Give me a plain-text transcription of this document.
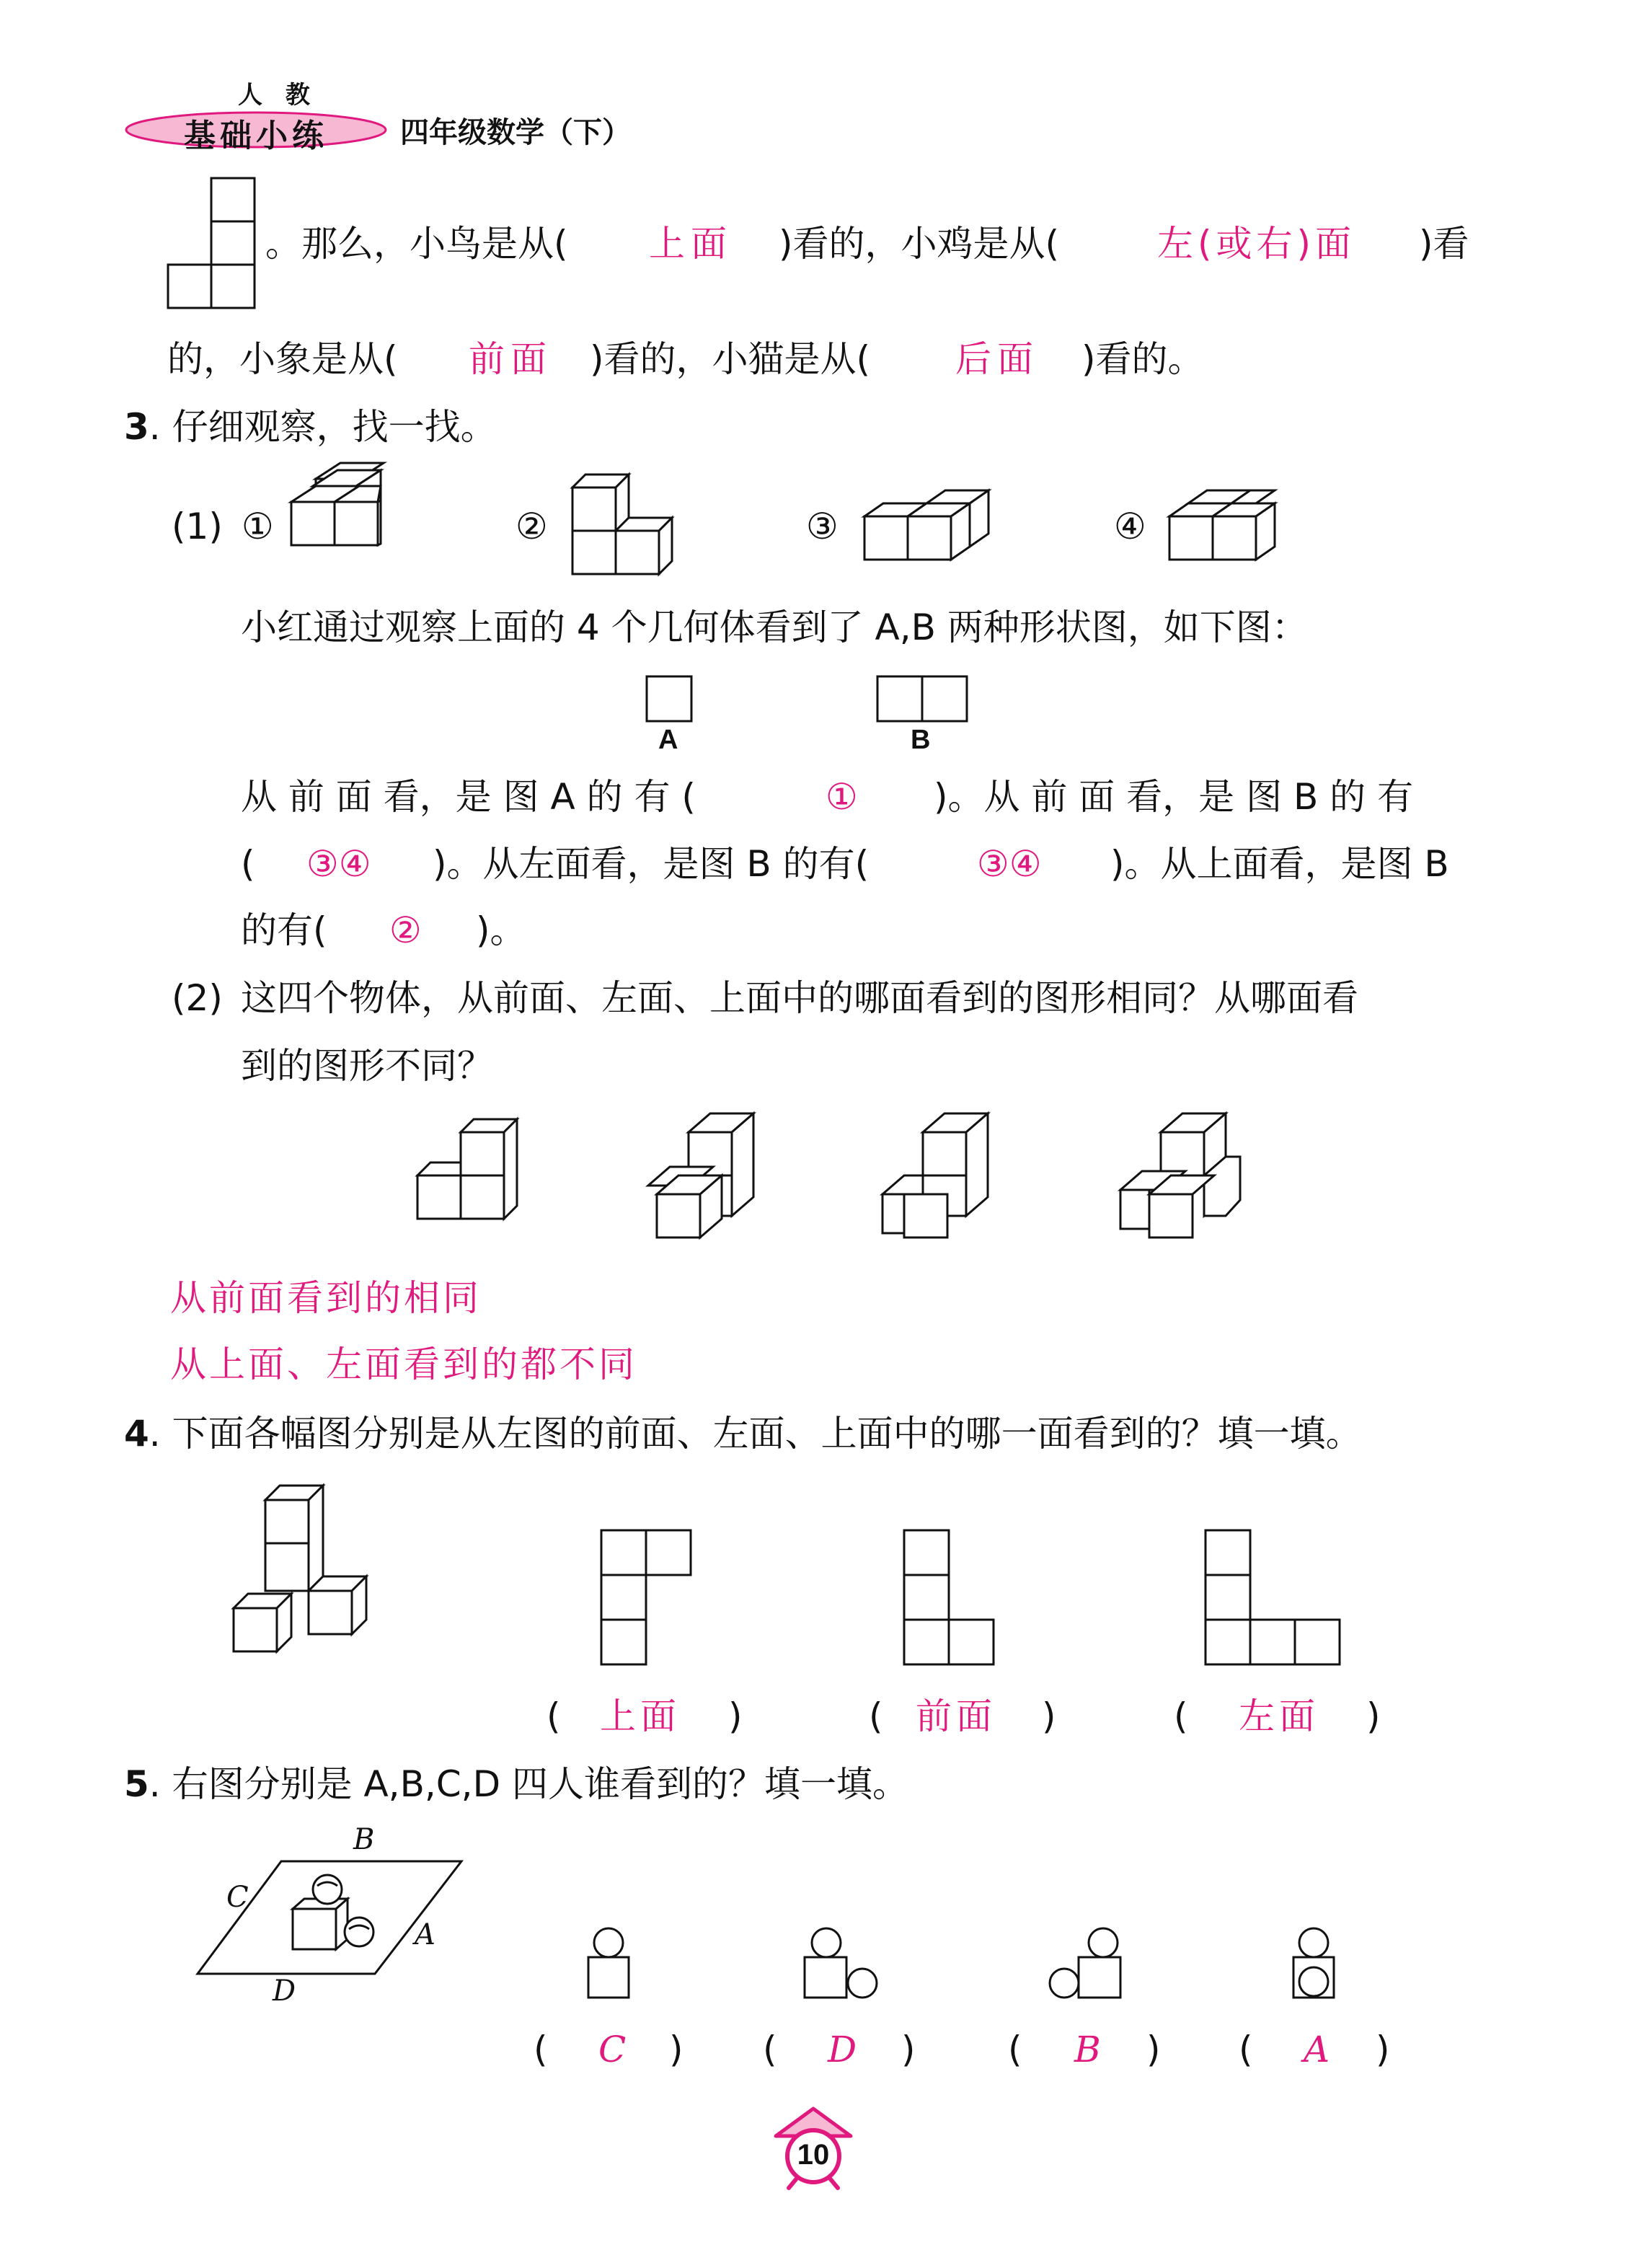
人 教
基础小练	四年级数学（下）
。那么，小鸟是从( 上面 )看的，小鸡是从(	左(或右)面 )看
的，小象是从( 前面 )看的，小猫是从( 后面 )看的。
3. 仔细观察，找一找。
(1) ①	②	③	④
小红通过观察上面的 4 个几何体看到了 A,B 两种形状图，如下图：
A	B
从 前 面 看，是 图 A 的 有 (	① )。从 前 面 看，是 图 B 的 有
( ③④ )。从左面看，是图 B 的有(	③④ )。从上面看，是图 B
的有( ② )。
(2) 这四个物体，从前面、左面、上面中的哪面看到的图形相同？从哪面看
到的图形不同？
从前面看到的相同
从上面、左面看到的都不同
4. 下面各幅图分别是从左图的前面、左面、上面中的哪一面看到的？填一填。
( 上面 )	( 前面 )	( 左面 )
5. 右图分别是 A,B,C,D 四人谁看到的？填一填。
B
C
A
D
( C ) ( D )	( B ) ( A )
10
